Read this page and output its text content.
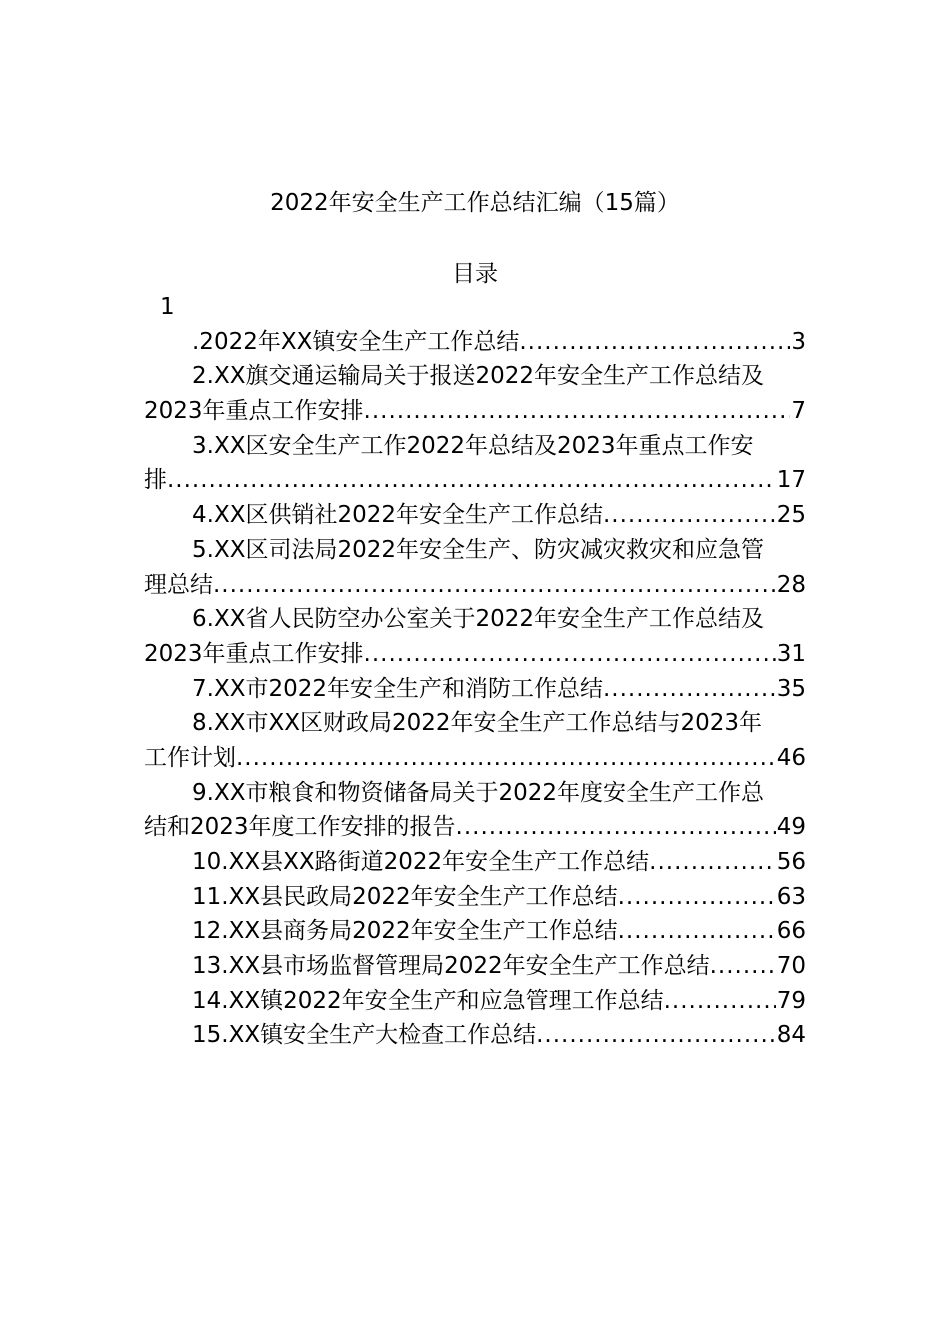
2022年安全生产工作总结汇编（15篇）
目录
1
.2022年XX镇安全生产工作总结 .....	3
2.XX旗交通运输局关于报送2022年安全生产工作总结及
2023年重点工作安排 .....	7
3.XX区安全生产工作2022年总结及2023年重点工作安
排 .....	17
4.XX区供销社2022年安全生产工作总结 .....	25
5.XX区司法局2022年安全生产、防灾减灾救灾和应急管
理总结 .....	28
6.XX省人民防空办公室关于2022年安全生产工作总结及
2023年重点工作安排 .....	31
7.XX市2022年安全生产和消防工作总结 .....	35
8.XX市XX区财政局2022年安全生产工作总结与2023年
工作计划 .....	46
9.XX市粮食和物资储备局关于2022年度安全生产工作总
结和2023年度工作安排的报告 .....	49
10.XX县XX路街道2022年安全生产工作总结 .....	56
11.XX县民政局2022年安全生产工作总结 .....	63
12.XX县商务局2022年安全生产工作总结 .....	66
13.XX县市场监督管理局2022年安全生产工作总结 .....	70
14.XX镇2022年安全生产和应急管理工作总结 .....	79
15.XX镇安全生产大检查工作总结 .....	84
